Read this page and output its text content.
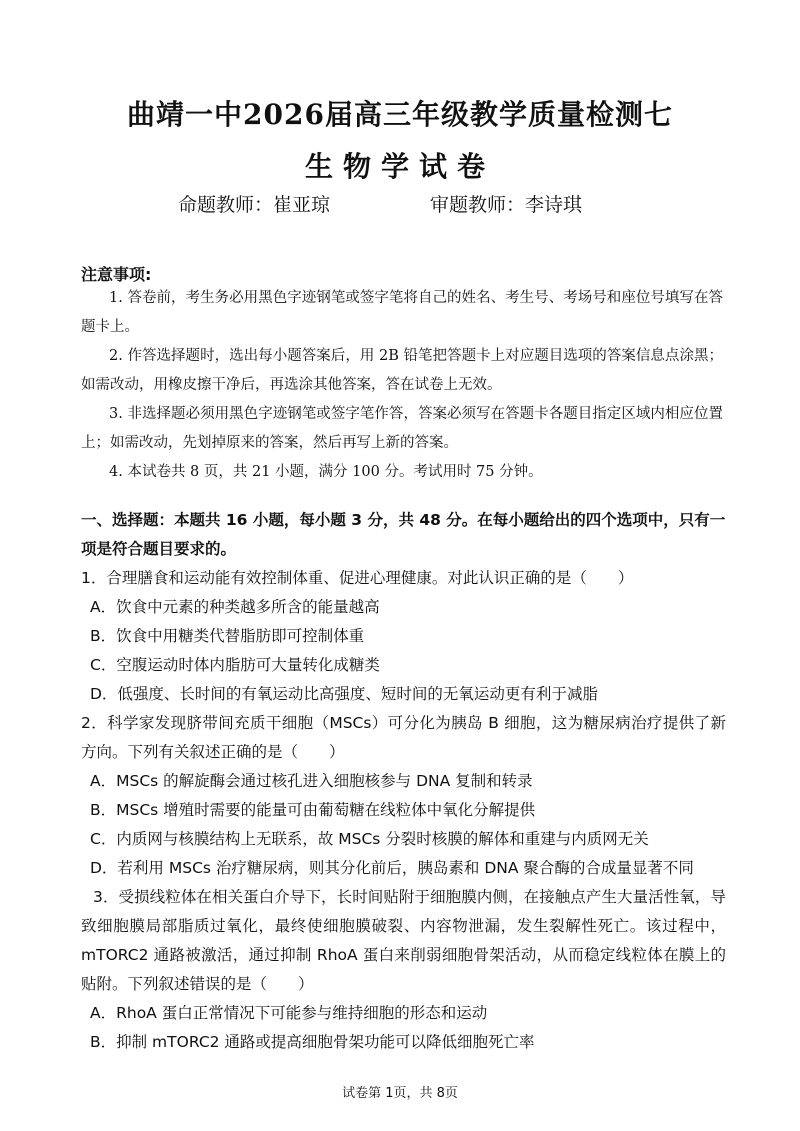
曲靖一中2026届高三年级教学质量检测七
生物学试卷
命题教师：崔亚琼	审题教师：李诗琪
注意事项:

1. 答卷前，考生务必用黑色字迹钢笔或签字笔将自己的姓名、考生号、考场号和座位号填写在答题卡上。

2. 作答选择题时，选出每小题答案后，用 2B 铅笔把答题卡上对应题目选项的答案信息点涂黑；如需改动，用橡皮擦干净后，再选涂其他答案，答在试卷上无效。

3. 非选择题必须用黑色字迹钢笔或签字笔作答，答案必须写在答题卡各题目指定区域内相应位置上；如需改动，先划掉原来的答案，然后再写上新的答案。

4. 本试卷共 8 页，共 21 小题，满分 100 分。考试用时 75 分钟。

一、选择题：本题共 16 小题，每小题 3 分，共 48 分。在每小题给出的四个选项中，只有一项是符合题目要求的。

1．合理膳食和运动能有效控制体重、促进心理健康。对此认识正确的是（　　）

A．饮食中元素的种类越多所含的能量越高

B．饮食中用糖类代替脂肪即可控制体重

C．空腹运动时体内脂肪可大量转化成糖类

D．低强度、长时间的有氧运动比高强度、短时间的无氧运动更有利于减脂

2．科学家发现脐带间充质干细胞（MSCs）可分化为胰岛 B 细胞，这为糖尿病治疗提供了新方向。下列有关叙述正确的是（　　）

A．MSCs 的解旋酶会通过核孔进入细胞核参与 DNA 复制和转录

B．MSCs 增殖时需要的能量可由葡萄糖在线粒体中氧化分解提供

C．内质网与核膜结构上无联系，故 MSCs 分裂时核膜的解体和重建与内质网无关

D．若利用 MSCs 治疗糖尿病，则其分化前后，胰岛素和 DNA 聚合酶的合成量显著不同

3．受损线粒体在相关蛋白介导下，长时间贴附于细胞膜内侧，在接触点产生大量活性氧，导致细胞膜局部脂质过氧化，最终使细胞膜破裂、内容物泄漏，发生裂解性死亡。该过程中，mTORC2 通路被激活，通过抑制 RhoA 蛋白来削弱细胞骨架活动，从而稳定线粒体在膜上的贴附。下列叙述错误的是（　　）

A．RhoA 蛋白正常情况下可能参与维持细胞的形态和运动

B．抑制 mTORC2 通路或提高细胞骨架功能可以降低细胞死亡率

试卷第 1页，共 8页
